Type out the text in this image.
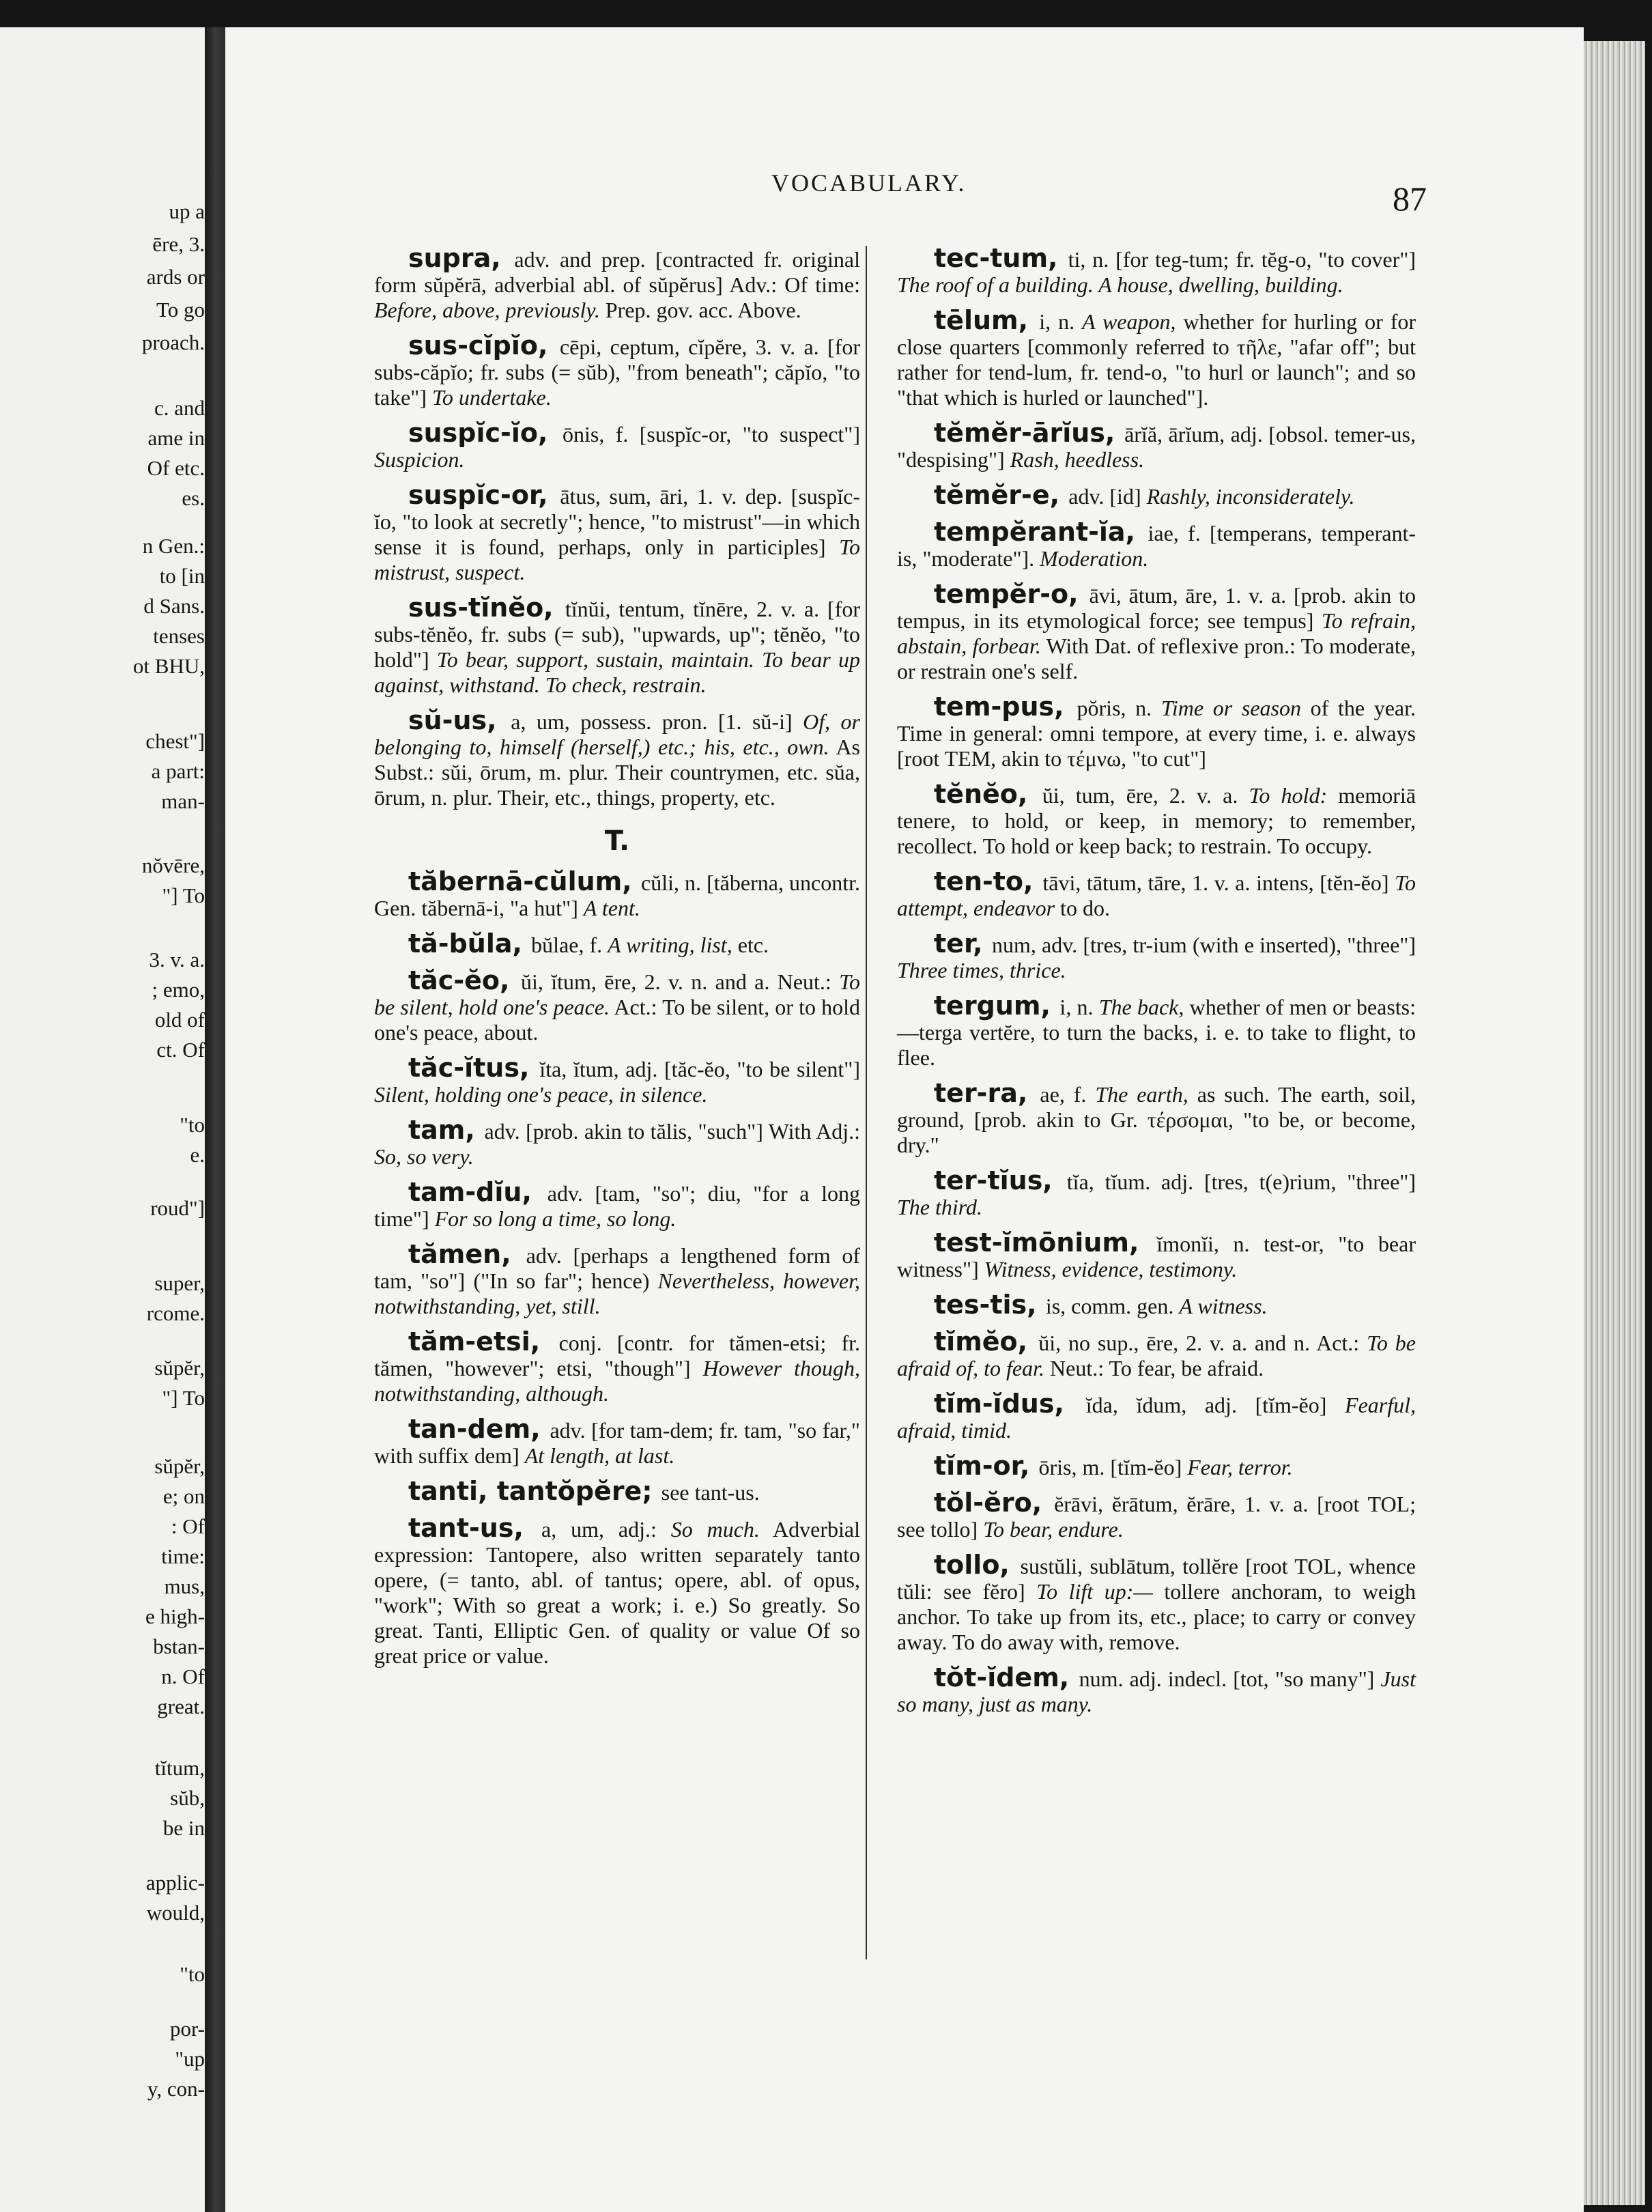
up a
ēre, 3.
ards or
To go
proach.
c. and
ame in
Of etc.
es.
n Gen.:
to [in
d Sans.
tenses
ot BHU,
chest"]
a part:
man-
nŏvēre,
"] To
3. v. a.
; emo,
old of
ct. Of
"to
e.
roud"]
super,
rcome.
sŭpĕr,
"] To
sŭpĕr,
e; on
: Of
time:
mus,
e high-
bstan-
n. Of
great.
tĭtum,
sŭb,
be in
applic-
would,
"to
por-
"up
y, con-
VOCABULARY.	87
supra, adv. and prep. [contracted fr. original form sŭpĕrā, adverbial abl. of sŭpĕrus] Adv.: Of time: Before, above, previously. Prep. gov. acc. Above.
sus-cĭpĭo, cēpi, ceptum, cĭpĕre, 3. v. a. [for subs-căpĭo; fr. subs (= sŭb), "from beneath"; căpĭo, "to take"] To undertake.
suspĭc-ĭo, ōnis, f. [suspĭc-or, "to suspect"] Suspicion.
suspĭc-or, ātus, sum, āri, 1. v. dep. [suspĭc-ĭo, "to look at secretly"; hence, "to mistrust"—in which sense it is found, perhaps, only in participles] To mistrust, suspect.
sus-tĭnĕo, tĭnŭi, tentum, tĭnēre, 2. v. a. [for subs-tĕnĕo, fr. subs (= sub), "upwards, up"; tĕnĕo, "to hold"] To bear, support, sustain, maintain. To bear up against, withstand. To check, restrain.
sŭ-us, a, um, possess. pron. [1. sŭ-i] Of, or belonging to, himself (herself,) etc.; his, etc., own. As Subst.: sŭi, ōrum, m. plur. Their countrymen, etc. sŭa, ōrum, n. plur. Their, etc., things, property, etc.
T.
tăbernā-cŭlum, cŭli, n. [tăberna, uncontr. Gen. tăbernā-i, "a hut"] A tent.
tă-bŭla, bŭlae, f. A writing, list, etc.
tăc-ĕo, ŭi, ĭtum, ēre, 2. v. n. and a. Neut.: To be silent, hold one's peace. Act.: To be silent, or to hold one's peace, about.
tăc-ĭtus, ĭta, ĭtum, adj. [tăc-ĕo, "to be silent"] Silent, holding one's peace, in silence.
tam, adv. [prob. akin to tălis, "such"] With Adj.: So, so very.
tam-dĭu, adv. [tam, "so"; diu, "for a long time"] For so long a time, so long.
tămen, adv. [perhaps a lengthened form of tam, "so"] ("In so far"; hence) Nevertheless, however, notwithstanding, yet, still.
tăm-etsi, conj. [contr. for tămen-etsi; fr. tămen, "however"; etsi, "though"] However though, notwithstanding, although.
tan-dem, adv. [for tam-dem; fr. tam, "so far," with suffix dem] At length, at last.
tanti, tantŏpĕre; see tant-us.
tant-us, a, um, adj.: So much. Adverbial expression: Tantopere, also written separately tanto opere, (= tanto, abl. of tantus; opere, abl. of opus, "work"; With so great a work; i. e.) So greatly. So great. Tanti, Elliptic Gen. of quality or value Of so great price or value.
tec-tum, ti, n. [for teg-tum; fr. tĕg-o, "to cover"] The roof of a building. A house, dwelling, building.
tēlum, i, n. A weapon, whether for hurling or for close quarters [commonly referred to τῆλε, "afar off"; but rather for tend-lum, fr. tend-o, "to hurl or launch"; and so "that which is hurled or launched"].
tĕmĕr-ārĭus, ārĭă, ārĭum, adj. [obsol. temer-us, "despising"] Rash, heedless.
tĕmĕr-e, adv. [id] Rashly, inconsiderately.
tempĕrant-ĭa, iae, f. [temperans, temperant-is, "moderate"]. Moderation.
tempĕr-o, āvi, ātum, āre, 1. v. a. [prob. akin to tempus, in its etymological force; see tempus] To refrain, abstain, forbear. With Dat. of reflexive pron.: To moderate, or restrain one's self.
tem-pus, pŏris, n. Time or season of the year. Time in general: omni tempore, at every time, i. e. always [root TEM, akin to τέμνω, "to cut"]
tĕnĕo, ŭi, tum, ēre, 2. v. a. To hold: memoriā tenere, to hold, or keep, in memory; to remember, recollect. To hold or keep back; to restrain. To occupy.
ten-to, tāvi, tātum, tāre, 1. v. a. intens, [tĕn-ĕo] To attempt, endeavor to do.
ter, num, adv. [tres, tr-ium (with e inserted), "three"] Three times, thrice.
tergum, i, n. The back, whether of men or beasts:—terga vertĕre, to turn the backs, i. e. to take to flight, to flee.
ter-ra, ae, f. The earth, as such. The earth, soil, ground, [prob. akin to Gr. τέρσομαι, "to be, or become, dry."
ter-tĭus, tĭa, tĭum. adj. [tres, t(e)rium, "three"] The third.
test-ĭmōnium, ĭmonĭi, n. test-or, "to bear witness"] Witness, evidence, testimony.
tes-tis, is, comm. gen. A witness.
tĭmĕo, ŭi, no sup., ēre, 2. v. a. and n. Act.: To be afraid of, to fear. Neut.: To fear, be afraid.
tĭm-ĭdus, ĭda, ĭdum, adj. [tĭm-ĕo] Fearful, afraid, timid.
tĭm-or, ōris, m. [tĭm-ĕo] Fear, terror.
tŏl-ĕro, ĕrāvi, ĕrātum, ĕrāre, 1. v. a. [root TOL; see tollo] To bear, endure.
tollo, sustŭli, sublātum, tollĕre [root TOL, whence tŭli: see fĕro] To lift up:— tollere anchoram, to weigh anchor. To take up from its, etc., place; to carry or convey away. To do away with, remove.
tŏt-ĭdem, num. adj. indecl. [tot, "so many"] Just so many, just as many.
